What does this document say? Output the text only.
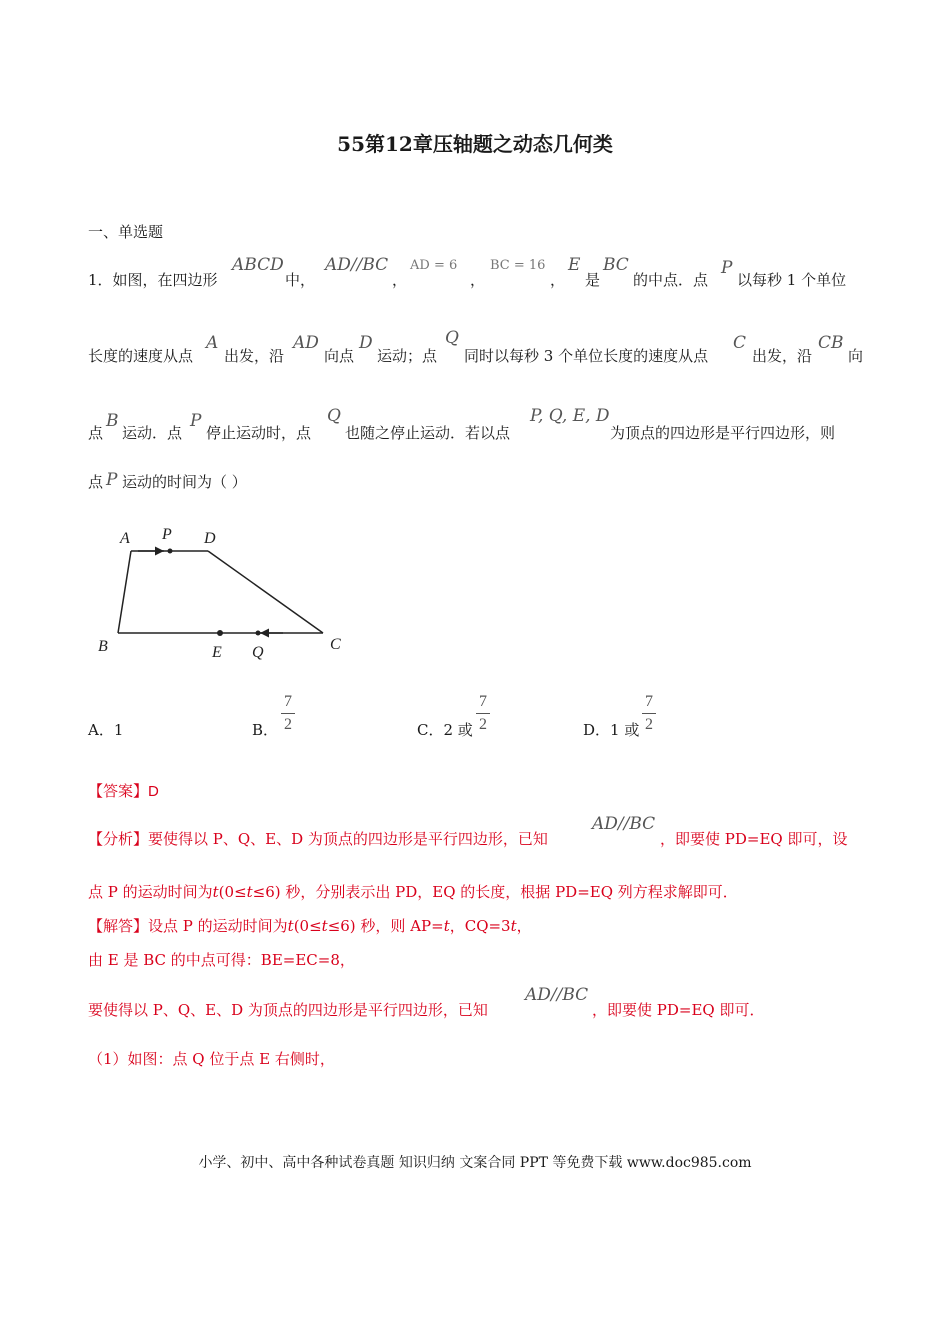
55第12章压轴题之动态几何类
一、单选题
1．如图，在四边形
ABCD
中，
AD//BC
，
AD = 6
，
BC = 16
，
E
是
BC
的中点．点
P
以每秒 1 个单位
长度的速度从点
A
出发，沿
AD
向点
D
运动；点
Q
同时以每秒 3 个单位长度的速度从点
C
出发，沿
CB
向
点
B
运动．点
P
停止运动时，点
Q
也随之停止运动．若以点
P, Q, E, D
为顶点的四边形是平行四边形，则
点 P 运动的时间为（ ）
A P D
B	E Q	C
A．1	B．
7
2	C．2 或
7
2	D．1 或
7
2
【答案】D
【分析】要使得以 P、Q、E、D 为顶点的四边形是平行四边形，已知
AD//BC
，即要使 PD=EQ 即可，设
点 P 的运动时间为t(0≤t≤6) 秒，分别表示出 PD，EQ 的长度，根据 PD=EQ 列方程求解即可．
【解答】设点 P 的运动时间为t(0≤t≤6) 秒，则 AP=t，CQ=3t，
由 E 是 BC 的中点可得：BE=EC=8，
要使得以 P、Q、E、D 为顶点的四边形是平行四边形，已知
AD//BC
，即要使 PD=EQ 即可．
（1）如图：点 Q 位于点 E 右侧时，
小学、初中、高中各种试卷真题 知识归纳 文案合同 PPT 等免费下载 www.doc985.com
